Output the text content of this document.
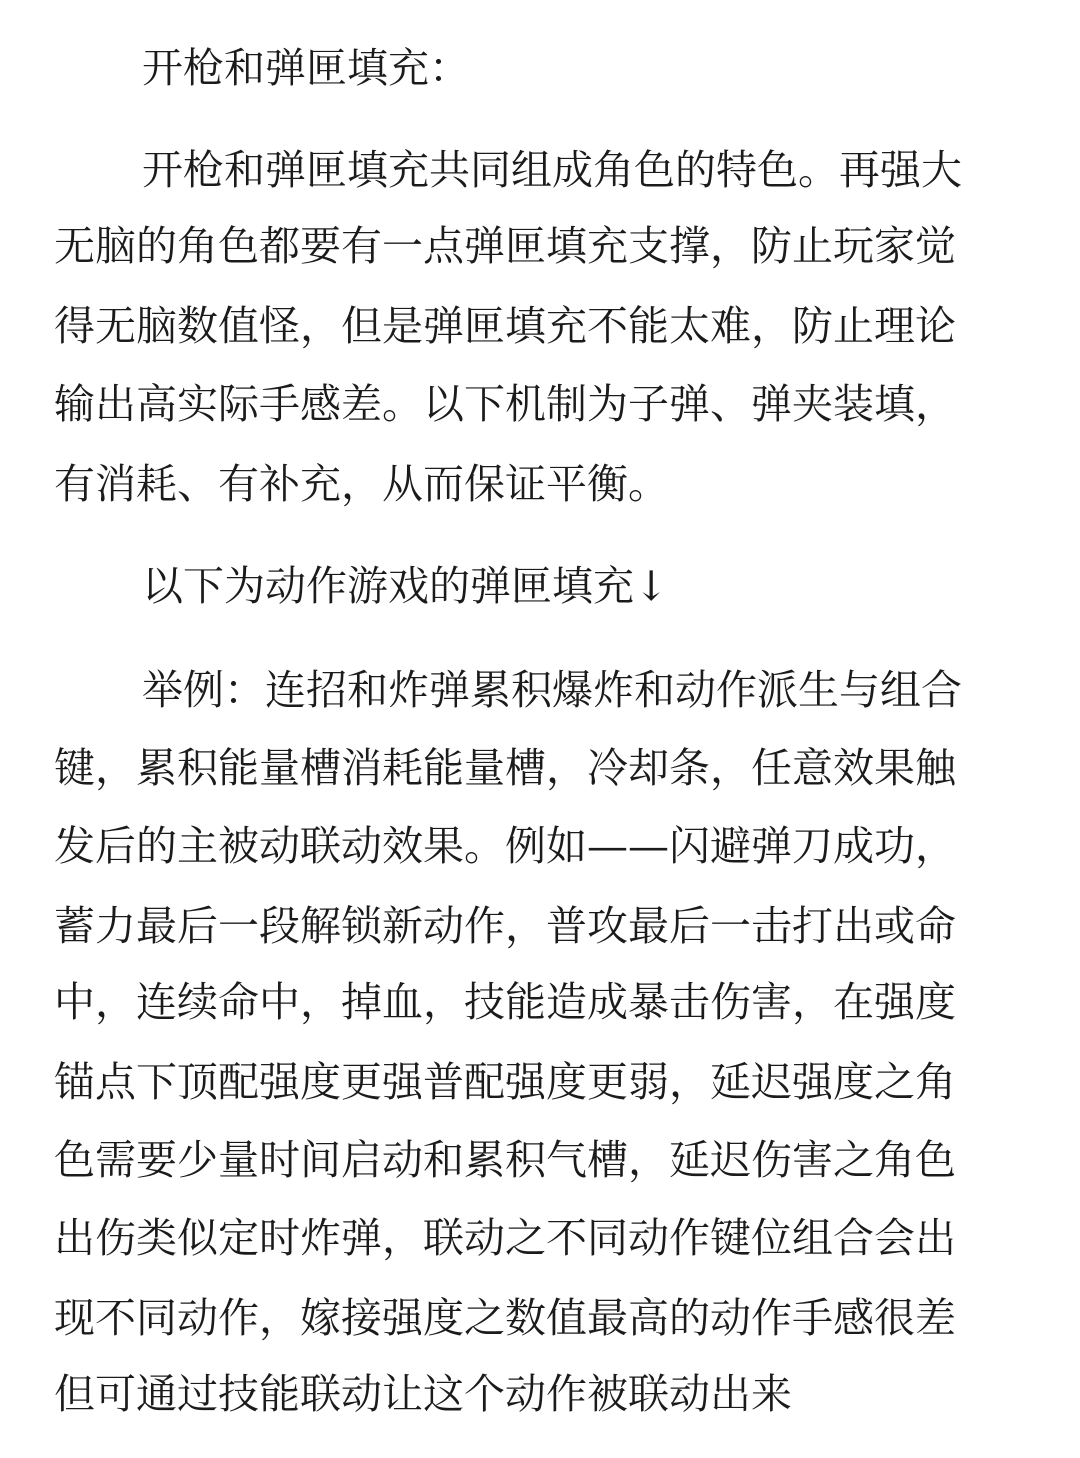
开枪和弹匣填充：
开枪和弹匣填充共同组成角色的特色。再强大
无脑的角色都要有一点弹匣填充支撑，防止玩家觉
得无脑数值怪，但是弹匣填充不能太难，防止理论
输出高实际手感差。以下机制为子弹、弹夹装填，
有消耗、有补充，从而保证平衡。
以下为动作游戏的弹匣填充↓
举例：连招和炸弹累积爆炸和动作派生与组合
键，累积能量槽消耗能量槽，冷却条，任意效果触
发后的主被动联动效果。例如——闪避弹刀成功，
蓄力最后一段解锁新动作，普攻最后一击打出或命
中，连续命中，掉血，技能造成暴击伤害，在强度
锚点下顶配强度更强普配强度更弱，延迟强度之角
色需要少量时间启动和累积气槽，延迟伤害之角色
出伤类似定时炸弹，联动之不同动作键位组合会出
现不同动作，嫁接强度之数值最高的动作手感很差
但可通过技能联动让这个动作被联动出来
